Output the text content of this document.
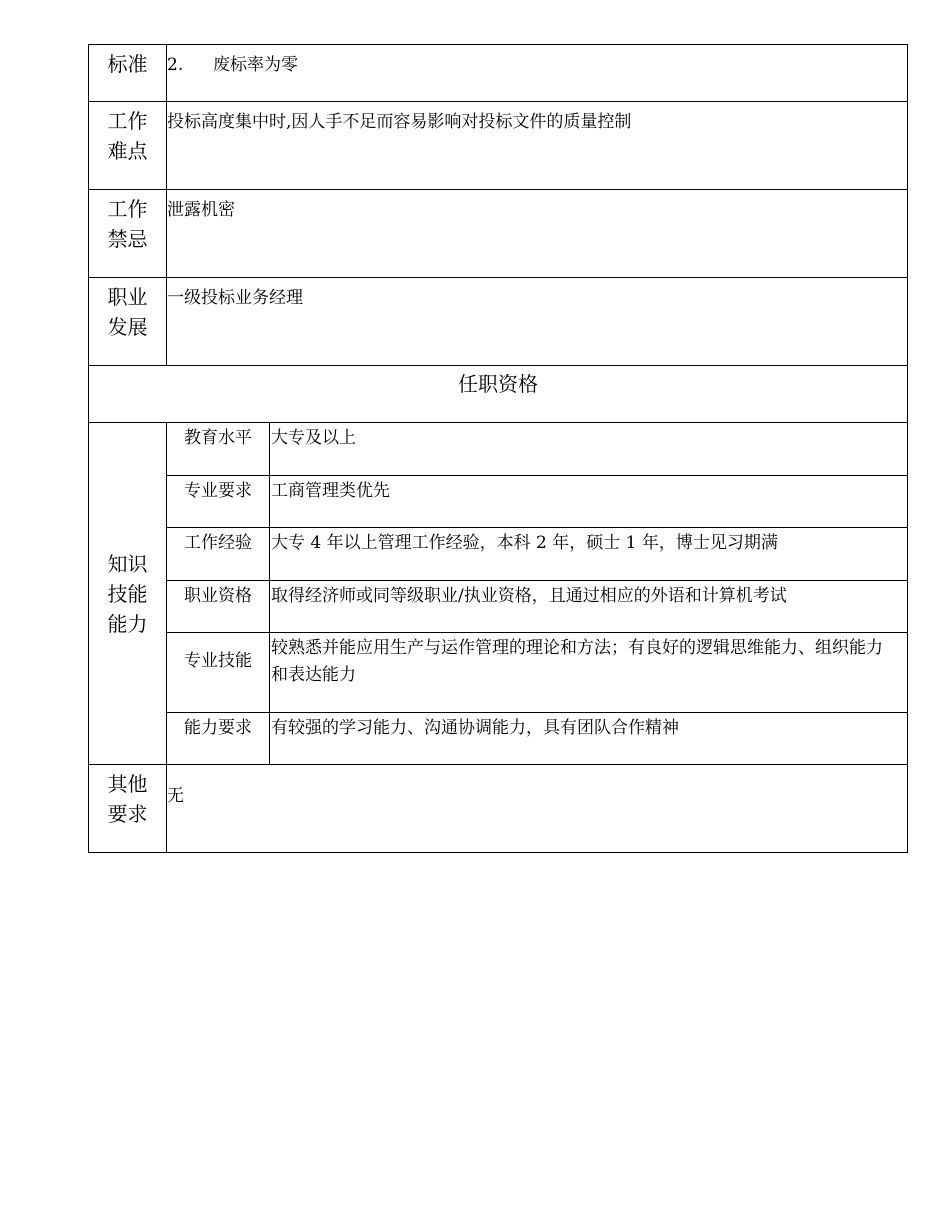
标准	2. 废标率为零	

工作
难点	投标高度集中时,因人手不足而容易影响对投标文件的质量控制	

工作
禁忌	泄露机密	

职业
发展	一级投标业务经理	
任职资格		

知识
技能
能力	教育水平	大专及以上
	专业要求	工商管理类优先
	工作经验	大专 4 年以上管理工作经验，本科 2 年，硕士 1 年，博士见习期满
	职业资格	取得经济师或同等级职业/执业资格，且通过相应的外语和计算机考试
	专业技能	较熟悉并能应用生产与运作管理的理论和方法；有良好的逻辑思维能力、组织能力和表达能力
	能力要求	有较强的学习能力、沟通协调能力，具有团队合作精神

其他
要求	无	
